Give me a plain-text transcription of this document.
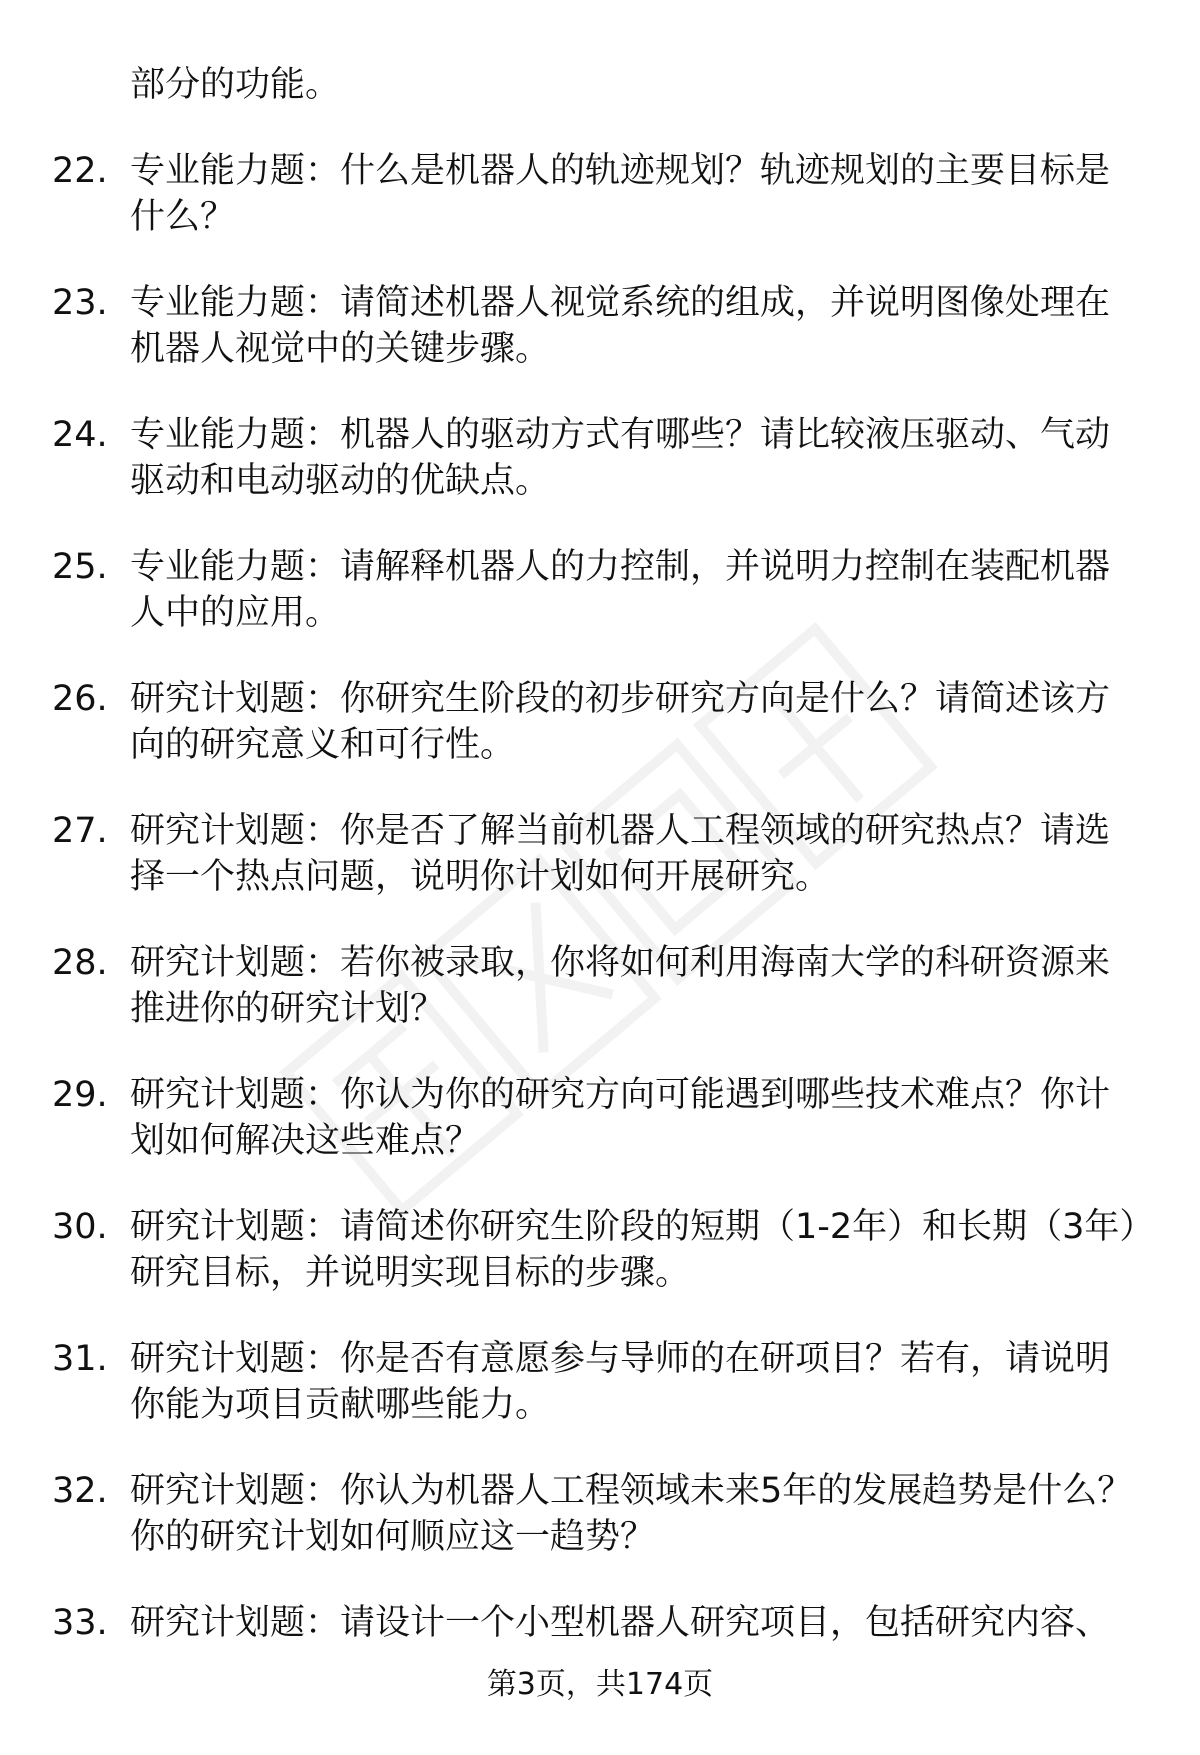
部分的功能。
22. 专业能力题：什么是机器人的轨迹规划？轨迹规划的主要目标是什么？
23. 专业能力题：请简述机器人视觉系统的组成，并说明图像处理在机器人视觉中的关键步骤。
24. 专业能力题：机器人的驱动方式有哪些？请比较液压驱动、气动驱动和电动驱动的优缺点。
25. 专业能力题：请解释机器人的力控制，并说明力控制在装配机器人中的应用。
26. 研究计划题：你研究生阶段的初步研究方向是什么？请简述该方向的研究意义和可行性。
27. 研究计划题：你是否了解当前机器人工程领域的研究热点？请选择一个热点问题，说明你计划如何开展研究。
28. 研究计划题：若你被录取，你将如何利用海南大学的科研资源来推进你的研究计划？
29. 研究计划题：你认为你的研究方向可能遇到哪些技术难点？你计划如何解决这些难点？
30. 研究计划题：请简述你研究生阶段的短期（1-2年）和长期（3年）研究目标，并说明实现目标的步骤。
31. 研究计划题：你是否有意愿参与导师的在研项目？若有，请说明你能为项目贡献哪些能力。
32. 研究计划题：你认为机器人工程领域未来5年的发展趋势是什么？你的研究计划如何顺应这一趋势？
33. 研究计划题：请设计一个小型机器人研究项目，包括研究内容、
第3页，共174页
